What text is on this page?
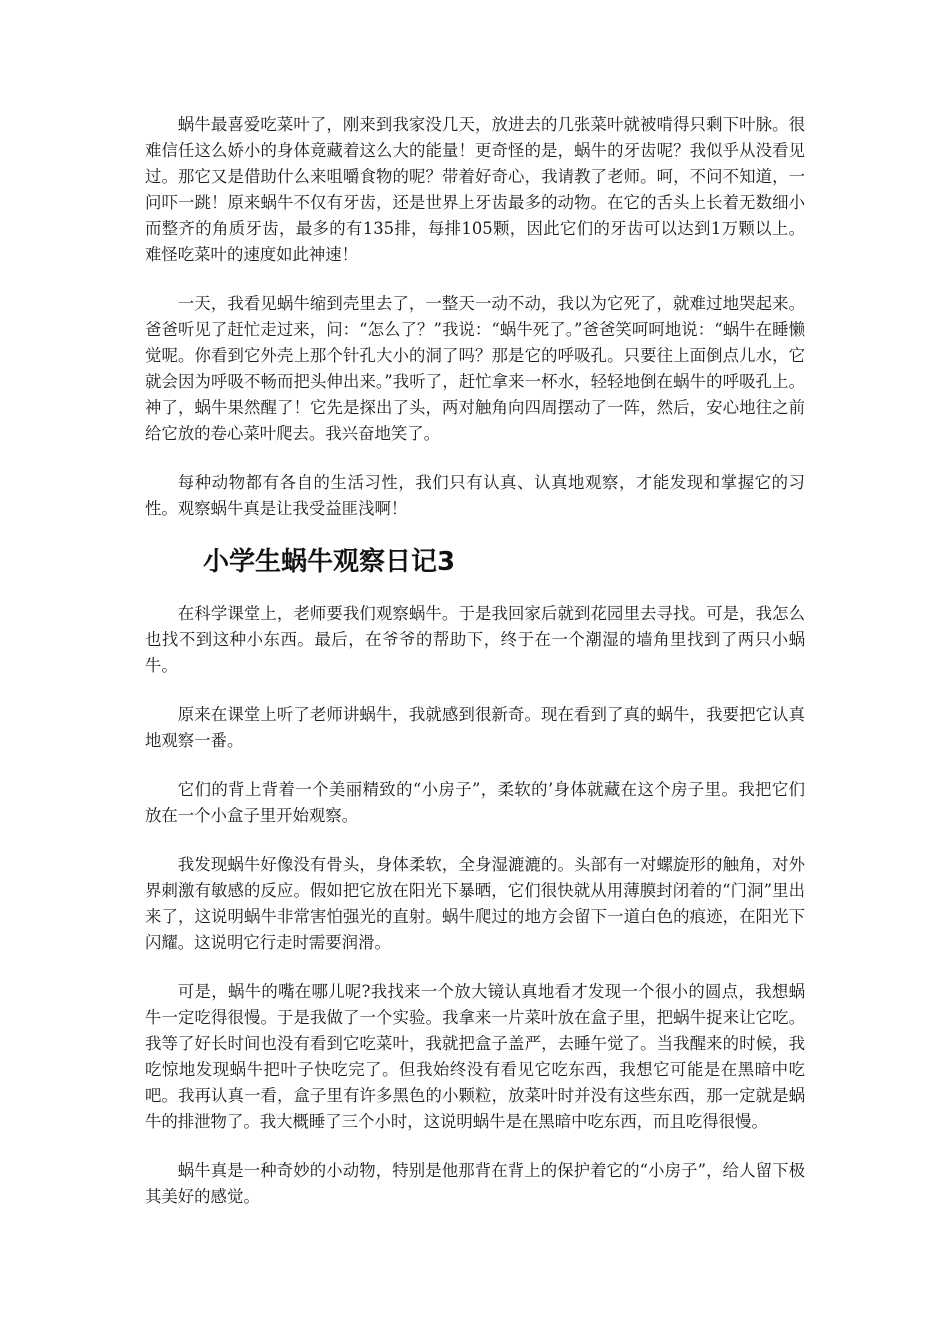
蜗牛最喜爱吃菜叶了，刚来到我家没几天，放进去的几张菜叶就被啃得只剩下叶脉。很难信任这么娇小的身体竟藏着这么大的能量！更奇怪的是，蜗牛的牙齿呢？我似乎从没看见过。那它又是借助什么来咀嚼食物的呢？带着好奇心，我请教了老师。呵，不问不知道，一问吓一跳！原来蜗牛不仅有牙齿，还是世界上牙齿最多的动物。在它的舌头上长着无数细小而整齐的角质牙齿，最多的有135排，每排105颗，因此它们的牙齿可以达到1万颗以上。难怪吃菜叶的速度如此神速！

一天，我看见蜗牛缩到壳里去了，一整天一动不动，我以为它死了，就难过地哭起来。爸爸听见了赶忙走过来，问：“怎么了？”我说：“蜗牛死了。”爸爸笑呵呵地说：“蜗牛在睡懒觉呢。你看到它外壳上那个针孔大小的洞了吗？那是它的呼吸孔。只要往上面倒点儿水，它就会因为呼吸不畅而把头伸出来。”我听了，赶忙拿来一杯水，轻轻地倒在蜗牛的呼吸孔上。神了，蜗牛果然醒了！它先是探出了头，两对触角向四周摆动了一阵，然后，安心地往之前给它放的卷心菜叶爬去。我兴奋地笑了。

每种动物都有各自的生活习性，我们只有认真、认真地观察，才能发现和掌握它的习性。观察蜗牛真是让我受益匪浅啊！

小学生蜗牛观察日记3

在科学课堂上，老师要我们观察蜗牛。于是我回家后就到花园里去寻找。可是，我怎么也找不到这种小东西。最后，在爷爷的帮助下，终于在一个潮湿的墙角里找到了两只小蜗牛。

原来在课堂上听了老师讲蜗牛，我就感到很新奇。现在看到了真的蜗牛，我要把它认真地观察一番。

它们的背上背着一个美丽精致的“小房子”，柔软的’身体就藏在这个房子里。我把它们放在一个小盒子里开始观察。

我发现蜗牛好像没有骨头，身体柔软，全身湿漉漉的。头部有一对螺旋形的触角，对外界刺激有敏感的反应。假如把它放在阳光下暴晒，它们很快就从用薄膜封闭着的“门洞”里出来了，这说明蜗牛非常害怕强光的直射。蜗牛爬过的地方会留下一道白色的痕迹，在阳光下闪耀。这说明它行走时需要润滑。

可是，蜗牛的嘴在哪儿呢?我找来一个放大镜认真地看才发现一个很小的圆点，我想蜗牛一定吃得很慢。于是我做了一个实验。我拿来一片菜叶放在盒子里，把蜗牛捉来让它吃。我等了好长时间也没有看到它吃菜叶，我就把盒子盖严，去睡午觉了。当我醒来的时候，我吃惊地发现蜗牛把叶子快吃完了。但我始终没有看见它吃东西，我想它可能是在黑暗中吃吧。我再认真一看，盒子里有许多黑色的小颗粒，放菜叶时并没有这些东西，那一定就是蜗牛的排泄物了。我大概睡了三个小时，这说明蜗牛是在黑暗中吃东西，而且吃得很慢。

蜗牛真是一种奇妙的小动物，特别是他那背在背上的保护着它的“小房子”，给人留下极其美好的感觉。
